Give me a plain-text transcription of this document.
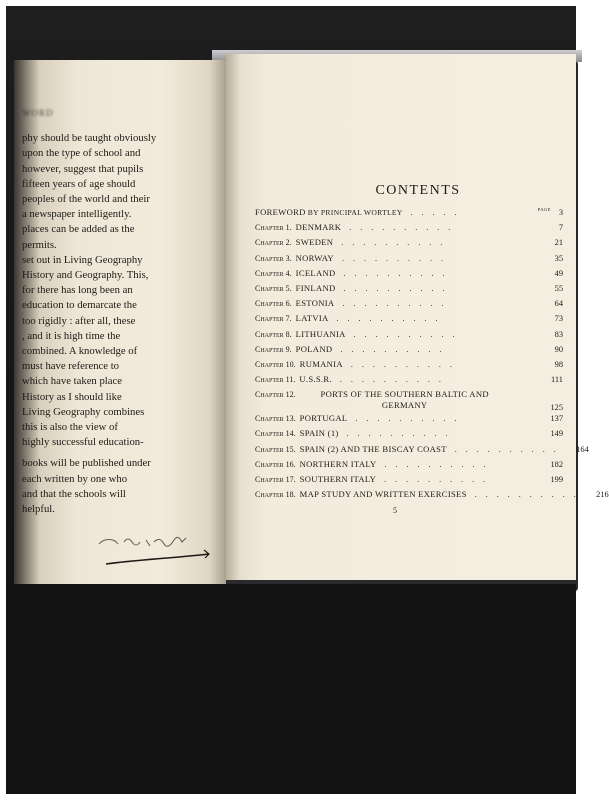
WORD
phy should be taught obviously
upon the type of school and
however, suggest that pupils
fifteen years of age should
peoples of the world and their
a newspaper intelligently.
places can be added as the
permits.
set out in Living Geography
History and Geography. This,
for there has long been an
education to demarcate the
too rigidly : after all, these
, and it is high time the
combined. A knowledge of
must have reference to
which have taken place
History as I should like
Living Geography combines
this is also the view of
highly successful education-
books will be published under
each written by one who
and that the schools will
helpful.
CONTENTS
PAGE
FOREWORD BY PRINCIPAL WORTLEY	.....	3
Chapter 1. DENMARK	..........	7
Chapter 2. SWEDEN	..........	21
Chapter 3. NORWAY	..........	35
Chapter 4. ICELAND	..........	49
Chapter 5. FINLAND	..........	55
Chapter 6. ESTONIA	..........	64
Chapter 7. LATVIA	..........	73
Chapter 8. LITHUANIA	..........	83
Chapter 9. POLAND	..........	90
Chapter 10. RUMANIA	..........	98
Chapter 11. U.S.S.R.	..........	111
Chapter 12.	PORTS OF THE SOUTHERN BALTIC AND GERMANY	125
Chapter 13. PORTUGAL	..........	137
Chapter 14. SPAIN (1)	..........	149
Chapter 15. SPAIN (2) AND THE BISCAY COAST	..........	164
Chapter 16. NORTHERN ITALY	..........	182
Chapter 17. SOUTHERN ITALY	..........	199
Chapter 18. MAP STUDY AND WRITTEN EXERCISES	..........	216
5
